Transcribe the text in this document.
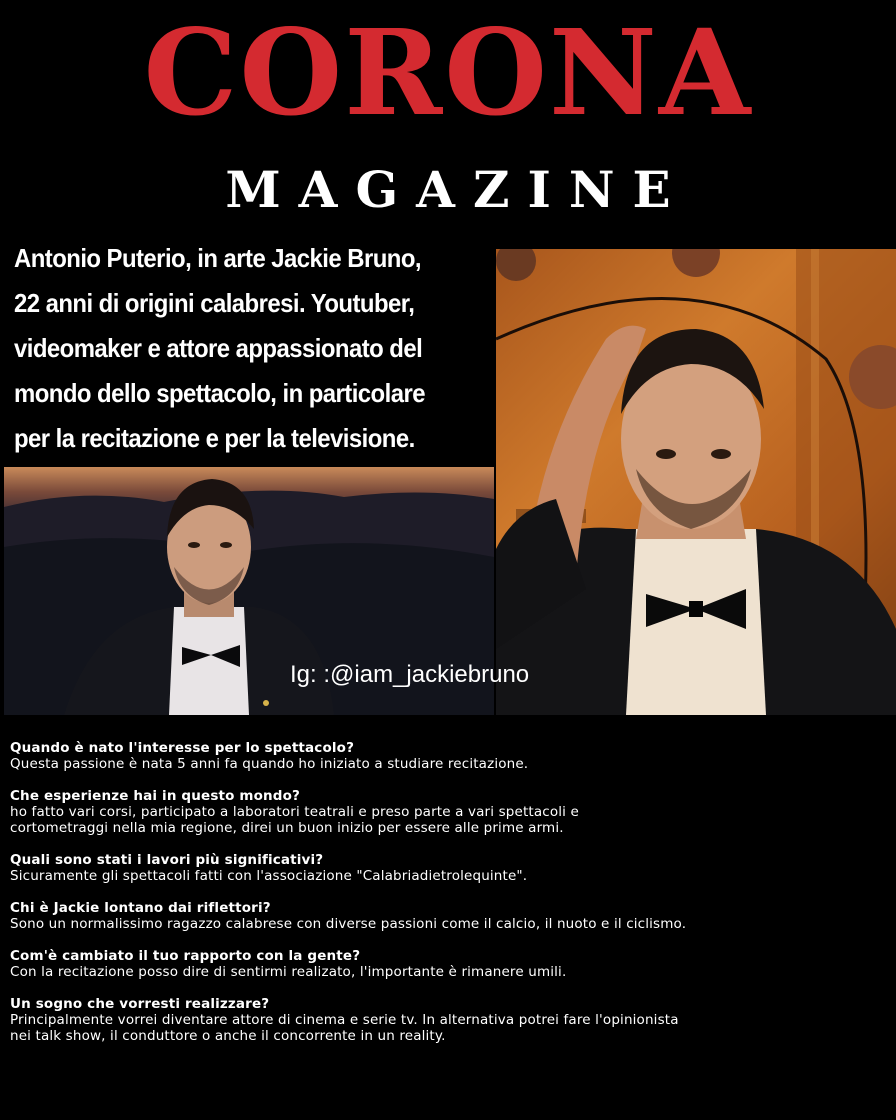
CORONA
MAGAZINE
Antonio Puterio, in arte Jackie Bruno,
22 anni di origini calabresi. Youtuber,
videomaker e attore appassionato del
mondo dello spettacolo, in particolare
per la recitazione e per la televisione.
Ig: :@iam_jackiebruno
Quando è nato l'interesse per lo spettacolo?
Questa passione è nata 5 anni fa quando ho iniziato a studiare recitazione.
Che esperienze hai in questo mondo?
ho fatto vari corsi, participato a laboratori teatrali e preso parte a vari spettacoli e
cortometraggi nella mia regione, direi un buon inizio per essere alle prime armi.
Quali sono stati i lavori più significativi?
Sicuramente gli spettacoli fatti con l'associazione "Calabriadietrolequinte".
Chi è Jackie lontano dai riflettori?
Sono un normalissimo ragazzo calabrese con diverse passioni come il calcio, il nuoto e il ciclismo.
Com'è cambiato il tuo rapporto con la gente?
Con la recitazione posso dire di sentirmi realizato, l'importante è rimanere umili.
Un sogno che vorresti realizzare?
Principalmente vorrei diventare attore di cinema e serie tv. In alternativa potrei fare l'opinionista
nei talk show, il conduttore o anche il concorrente in un reality.
